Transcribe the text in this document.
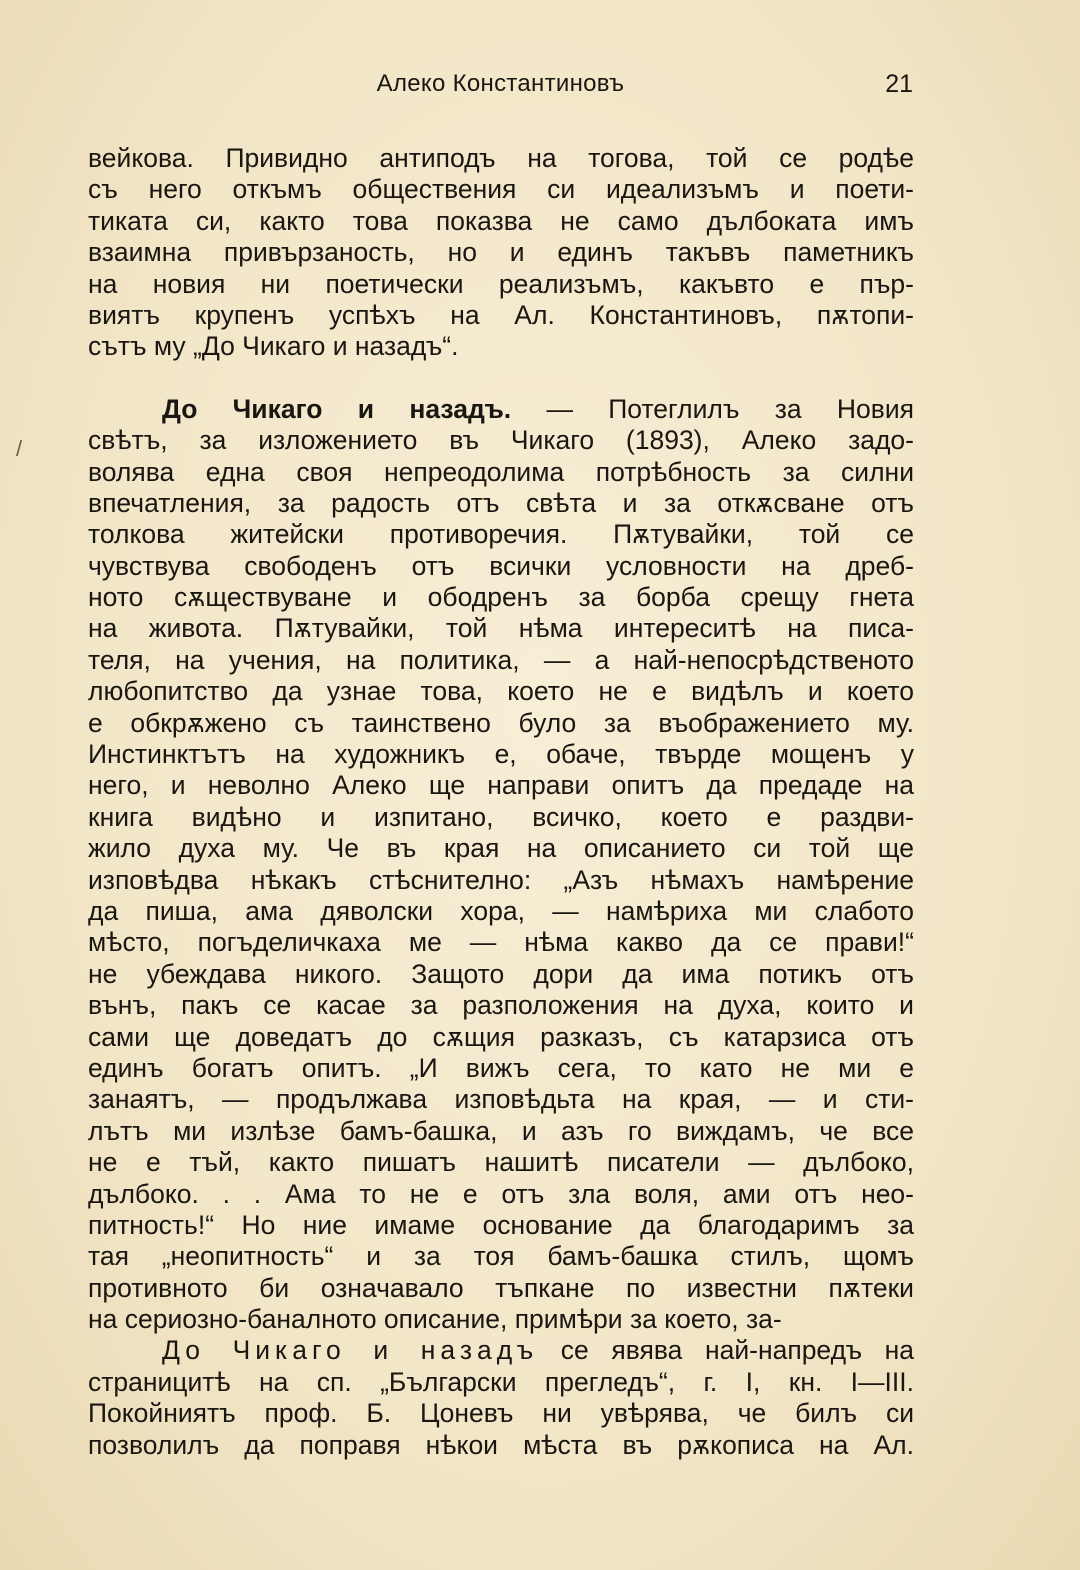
Алеко Константиновъ	21
/
вейкова. Привидно антиподъ на тогова, той се родѣе
съ него откъмъ обществения си идеализъмъ и поети-
тиката си, както това показва не само дълбоката имъ
взаимна привързаность, но и единъ такъвъ паметникъ
на новия ни поетически реализъмъ, какъвто е пър-
виятъ крупенъ успѣхъ на Ал. Константиновъ, пѫтопи-
сътъ му „До Чикаго и назадъ“.
До Чикаго и назадъ. — Потеглилъ за Новия
свѣтъ, за изложението въ Чикаго (1893), Алеко задо-
волява една своя непреодолима потрѣбность за силни
впечатления, за радость отъ свѣта и за откѫсване отъ
толкова житейски противоречия. Пѫтувайки, той се
чувствува свободенъ отъ всички условности на дреб-
ното сѫществуване и ободренъ за борба срещу гнета
на живота. Пѫтувайки, той нѣма интереситѣ на писа-
теля, на учения, на политика, — а най-непосрѣдственото
любопитство да узнае това, което не е видѣлъ и което
е обкрѫжено съ таинствено було за въображението му.
Инстинктътъ на художникъ е, обаче, твърде мощенъ у
него, и неволно Алеко ще направи опитъ да предаде на
книга видѣно и изпитано, всичко, което е раздви-
жило духа му. Че въ края на описанието си той ще
изповѣдва нѣкакъ стѣснително: „Азъ нѣмахъ намѣрение
да пиша, ама дяволски хора, — намѣриха ми слабото
мѣсто, погъделичкаха ме — нѣма какво да се прави!“
не убеждава никого. Защото дори да има потикъ отъ
вънъ, пакъ се касае за разположения на духа, които и
сами ще доведатъ до сѫщия разказъ, съ катарзиса отъ
единъ богатъ опитъ. „И вижъ сега, то като не ми е
занаятъ, — продължава изповѣдьта на края, — и сти-
лътъ ми излѣзе бамъ-башка, и азъ го виждамъ, че все
не е тъй, както пишатъ нашитѣ писатели — дълбоко,
дълбоко. . . Ама то не е отъ зла воля, ами отъ нео-
питность!“ Но ние имаме основание да благодаримъ за
тая „неопитность“ и за тоя бамъ-башка стилъ, щомъ
противното би означавало тъпкане по известни пѫтеки
на сериозно-баналното описание, примѣри за което, за-
До Чикаго и назадъ се явява най-напредъ на
страницитѣ на сп. „Български прегледъ“, г. I, кн. I—III.
Покойниятъ проф. Б. Цоневъ ни увѣрява, че билъ си
позволилъ да поправя нѣкои мѣста въ рѫкописа на Ал.
